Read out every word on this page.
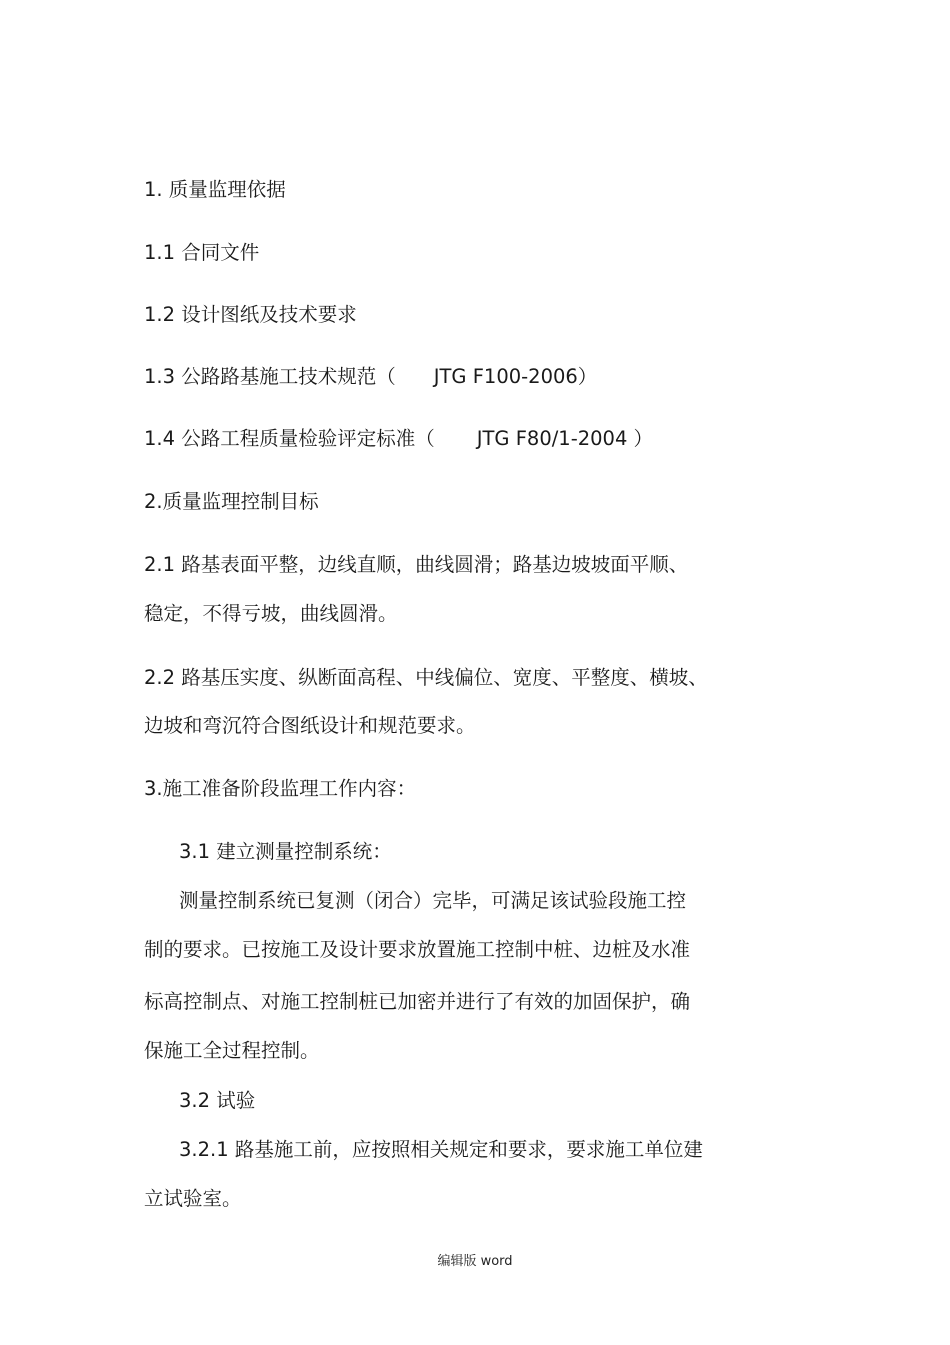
1. 质量监理依据
1.1 合同文件
1.2 设计图纸及技术要求
1.3 公路路基施工技术规范（ JTG F100-2006）
1.4 公路工程质量检验评定标准（ JTG F80/1-2004 ）
2.质量监理控制目标
2.1 路基表面平整，边线直顺，曲线圆滑；路基边坡坡面平顺、
稳定，不得亏坡，曲线圆滑。
2.2 路基压实度、纵断面高程、中线偏位、宽度、平整度、横坡、
边坡和弯沉符合图纸设计和规范要求。
3.施工准备阶段监理工作内容：
3.1 建立测量控制系统：
测量控制系统已复测（闭合）完毕，可满足该试验段施工控
制的要求。已按施工及设计要求放置施工控制中桩、边桩及水准
标高控制点、对施工控制桩已加密并进行了有效的加固保护，确
保施工全过程控制。
3.2 试验
3.2.1 路基施工前，应按照相关规定和要求，要求施工单位建
立试验室。
编辑版 word
